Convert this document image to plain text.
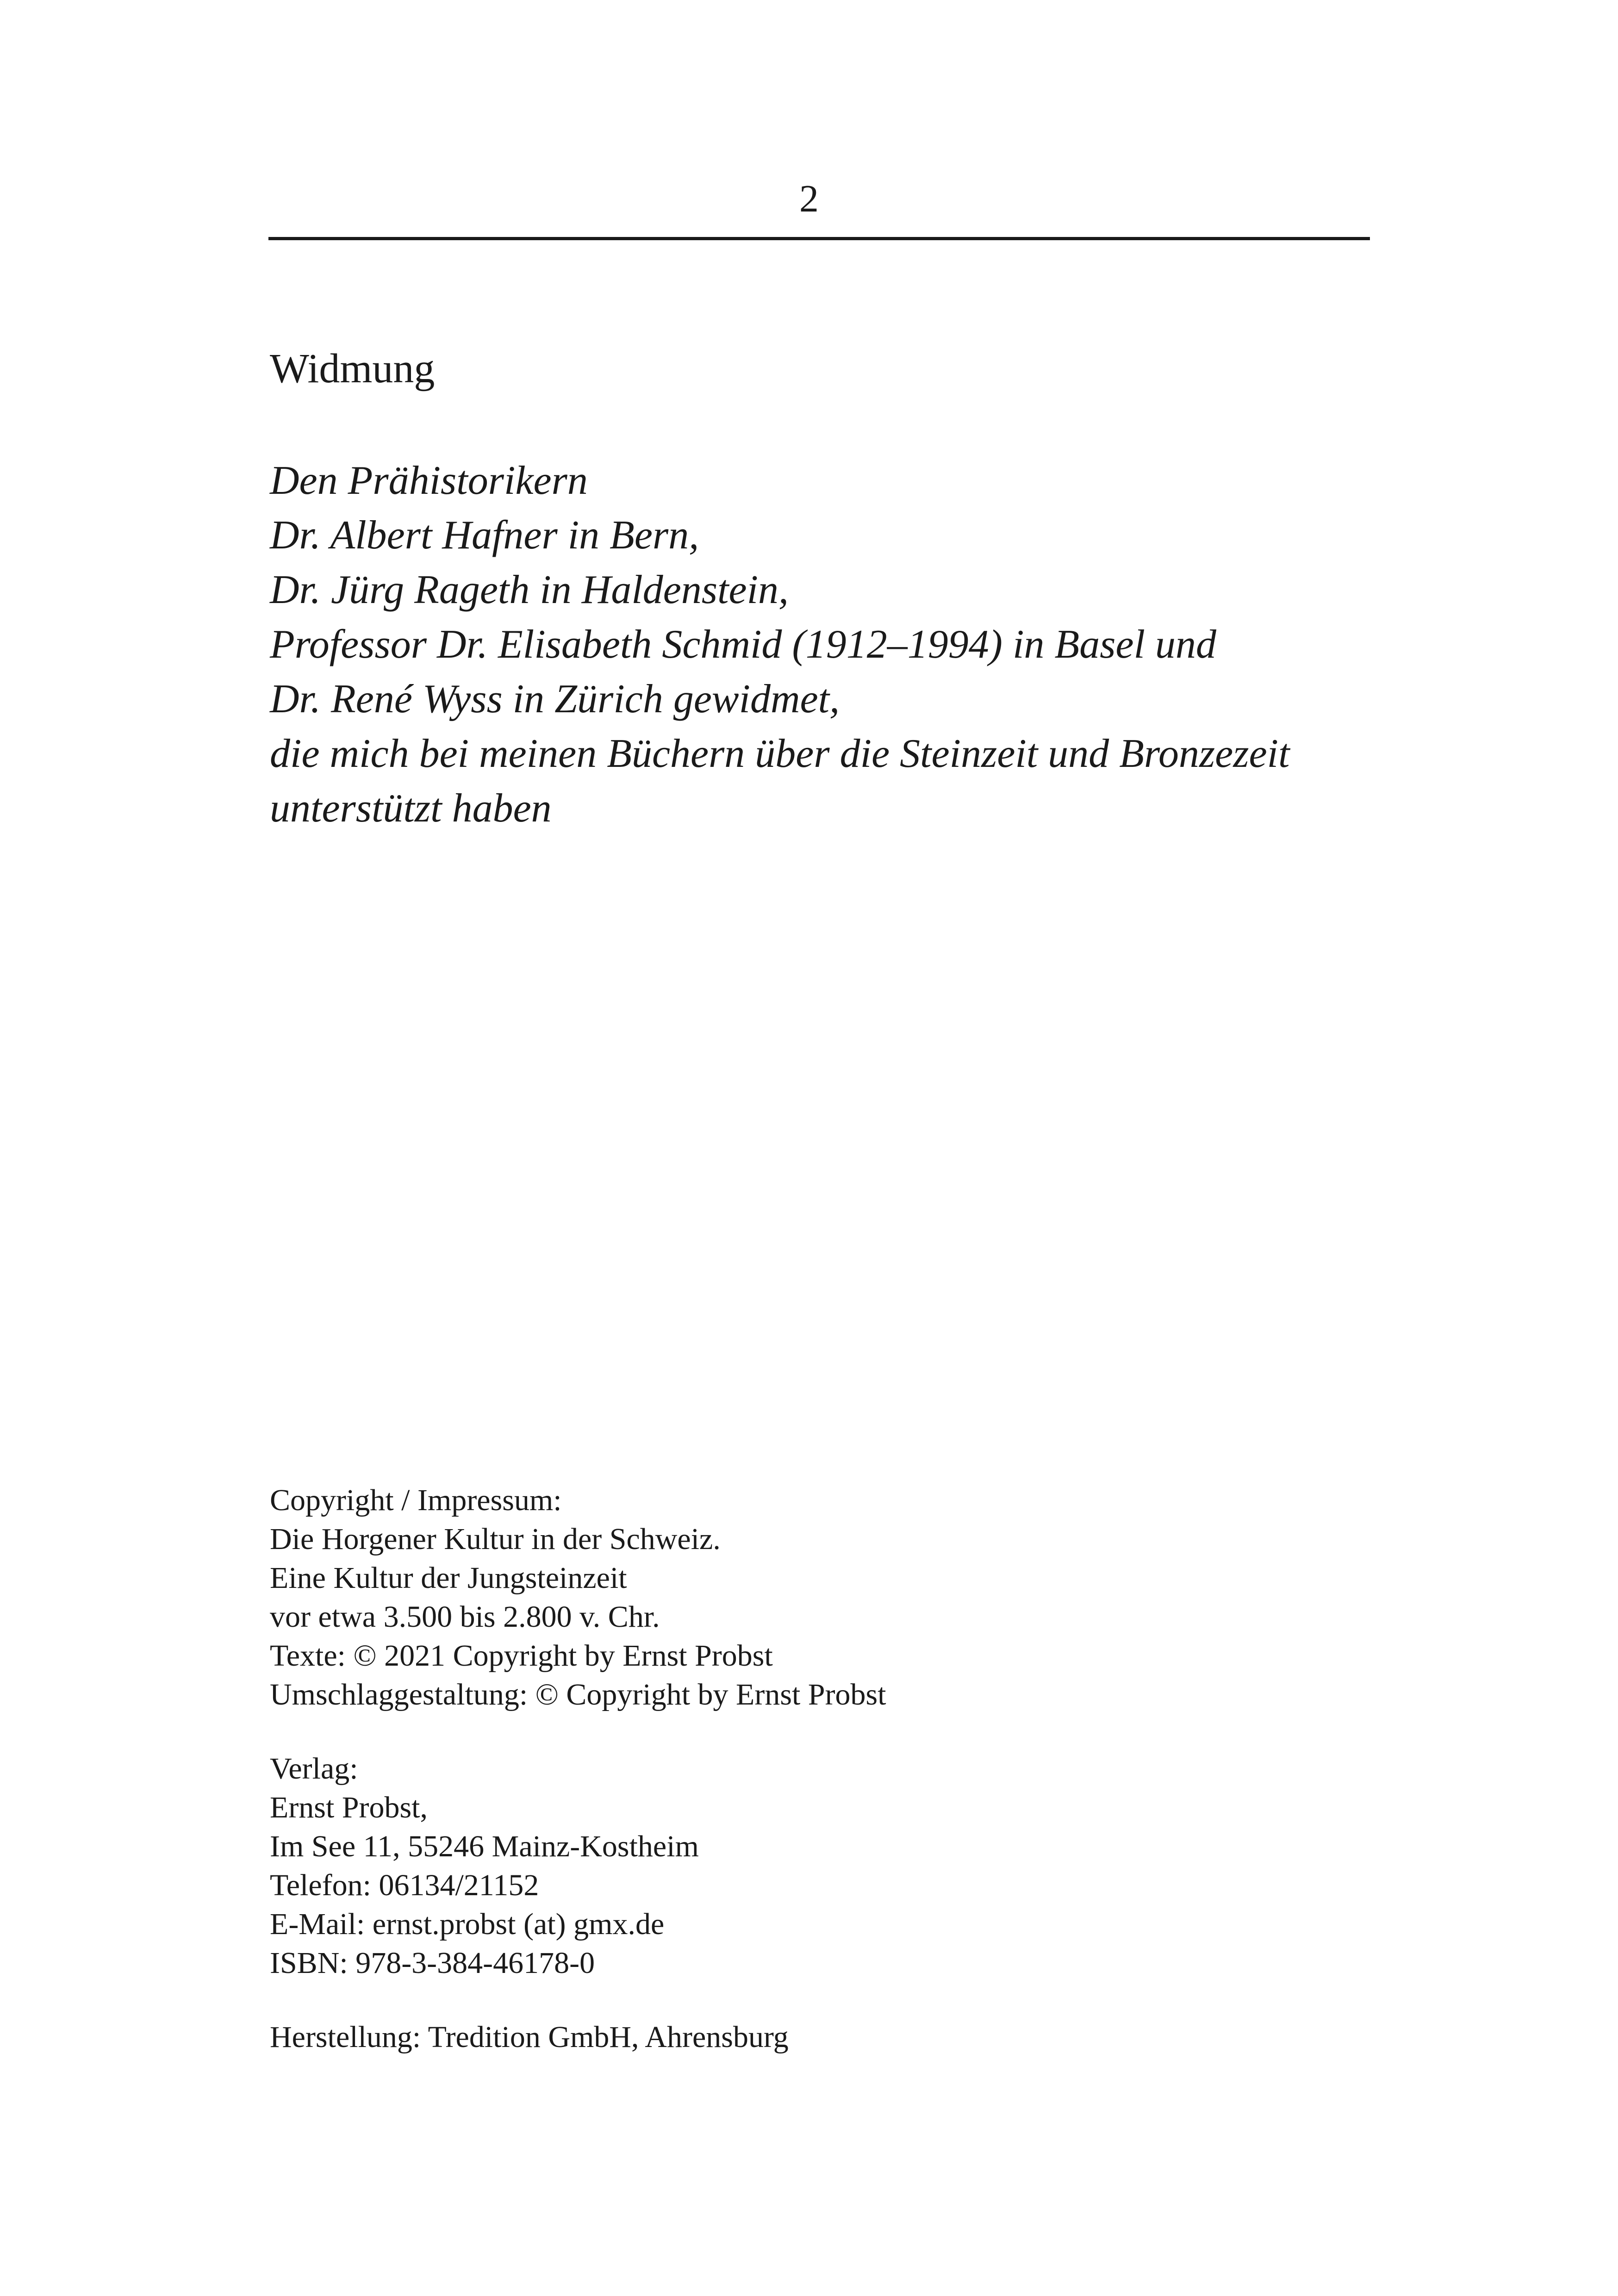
2
Widmung
Den Prähistorikern
Dr. Albert Hafner in Bern,
Dr. Jürg Rageth in Haldenstein,
Professor Dr. Elisabeth Schmid (1912–1994) in Basel und
Dr. René Wyss in Zürich gewidmet,
die mich bei meinen Büchern über die Steinzeit und Bronzezeit
unterstützt haben
Copyright / Impressum:
Die Horgener Kultur in der Schweiz.
Eine Kultur der Jungsteinzeit
vor etwa 3.500 bis 2.800 v. Chr.
Texte: © 2021 Copyright by Ernst Probst
Umschlaggestaltung: © Copyright by Ernst Probst
Verlag:
Ernst Probst,
Im See 11, 55246 Mainz-Kostheim
Telefon: 06134/21152
E-Mail: ernst.probst (at) gmx.de
ISBN: 978-3-384-46178-0
Herstellung: Tredition GmbH, Ahrensburg
